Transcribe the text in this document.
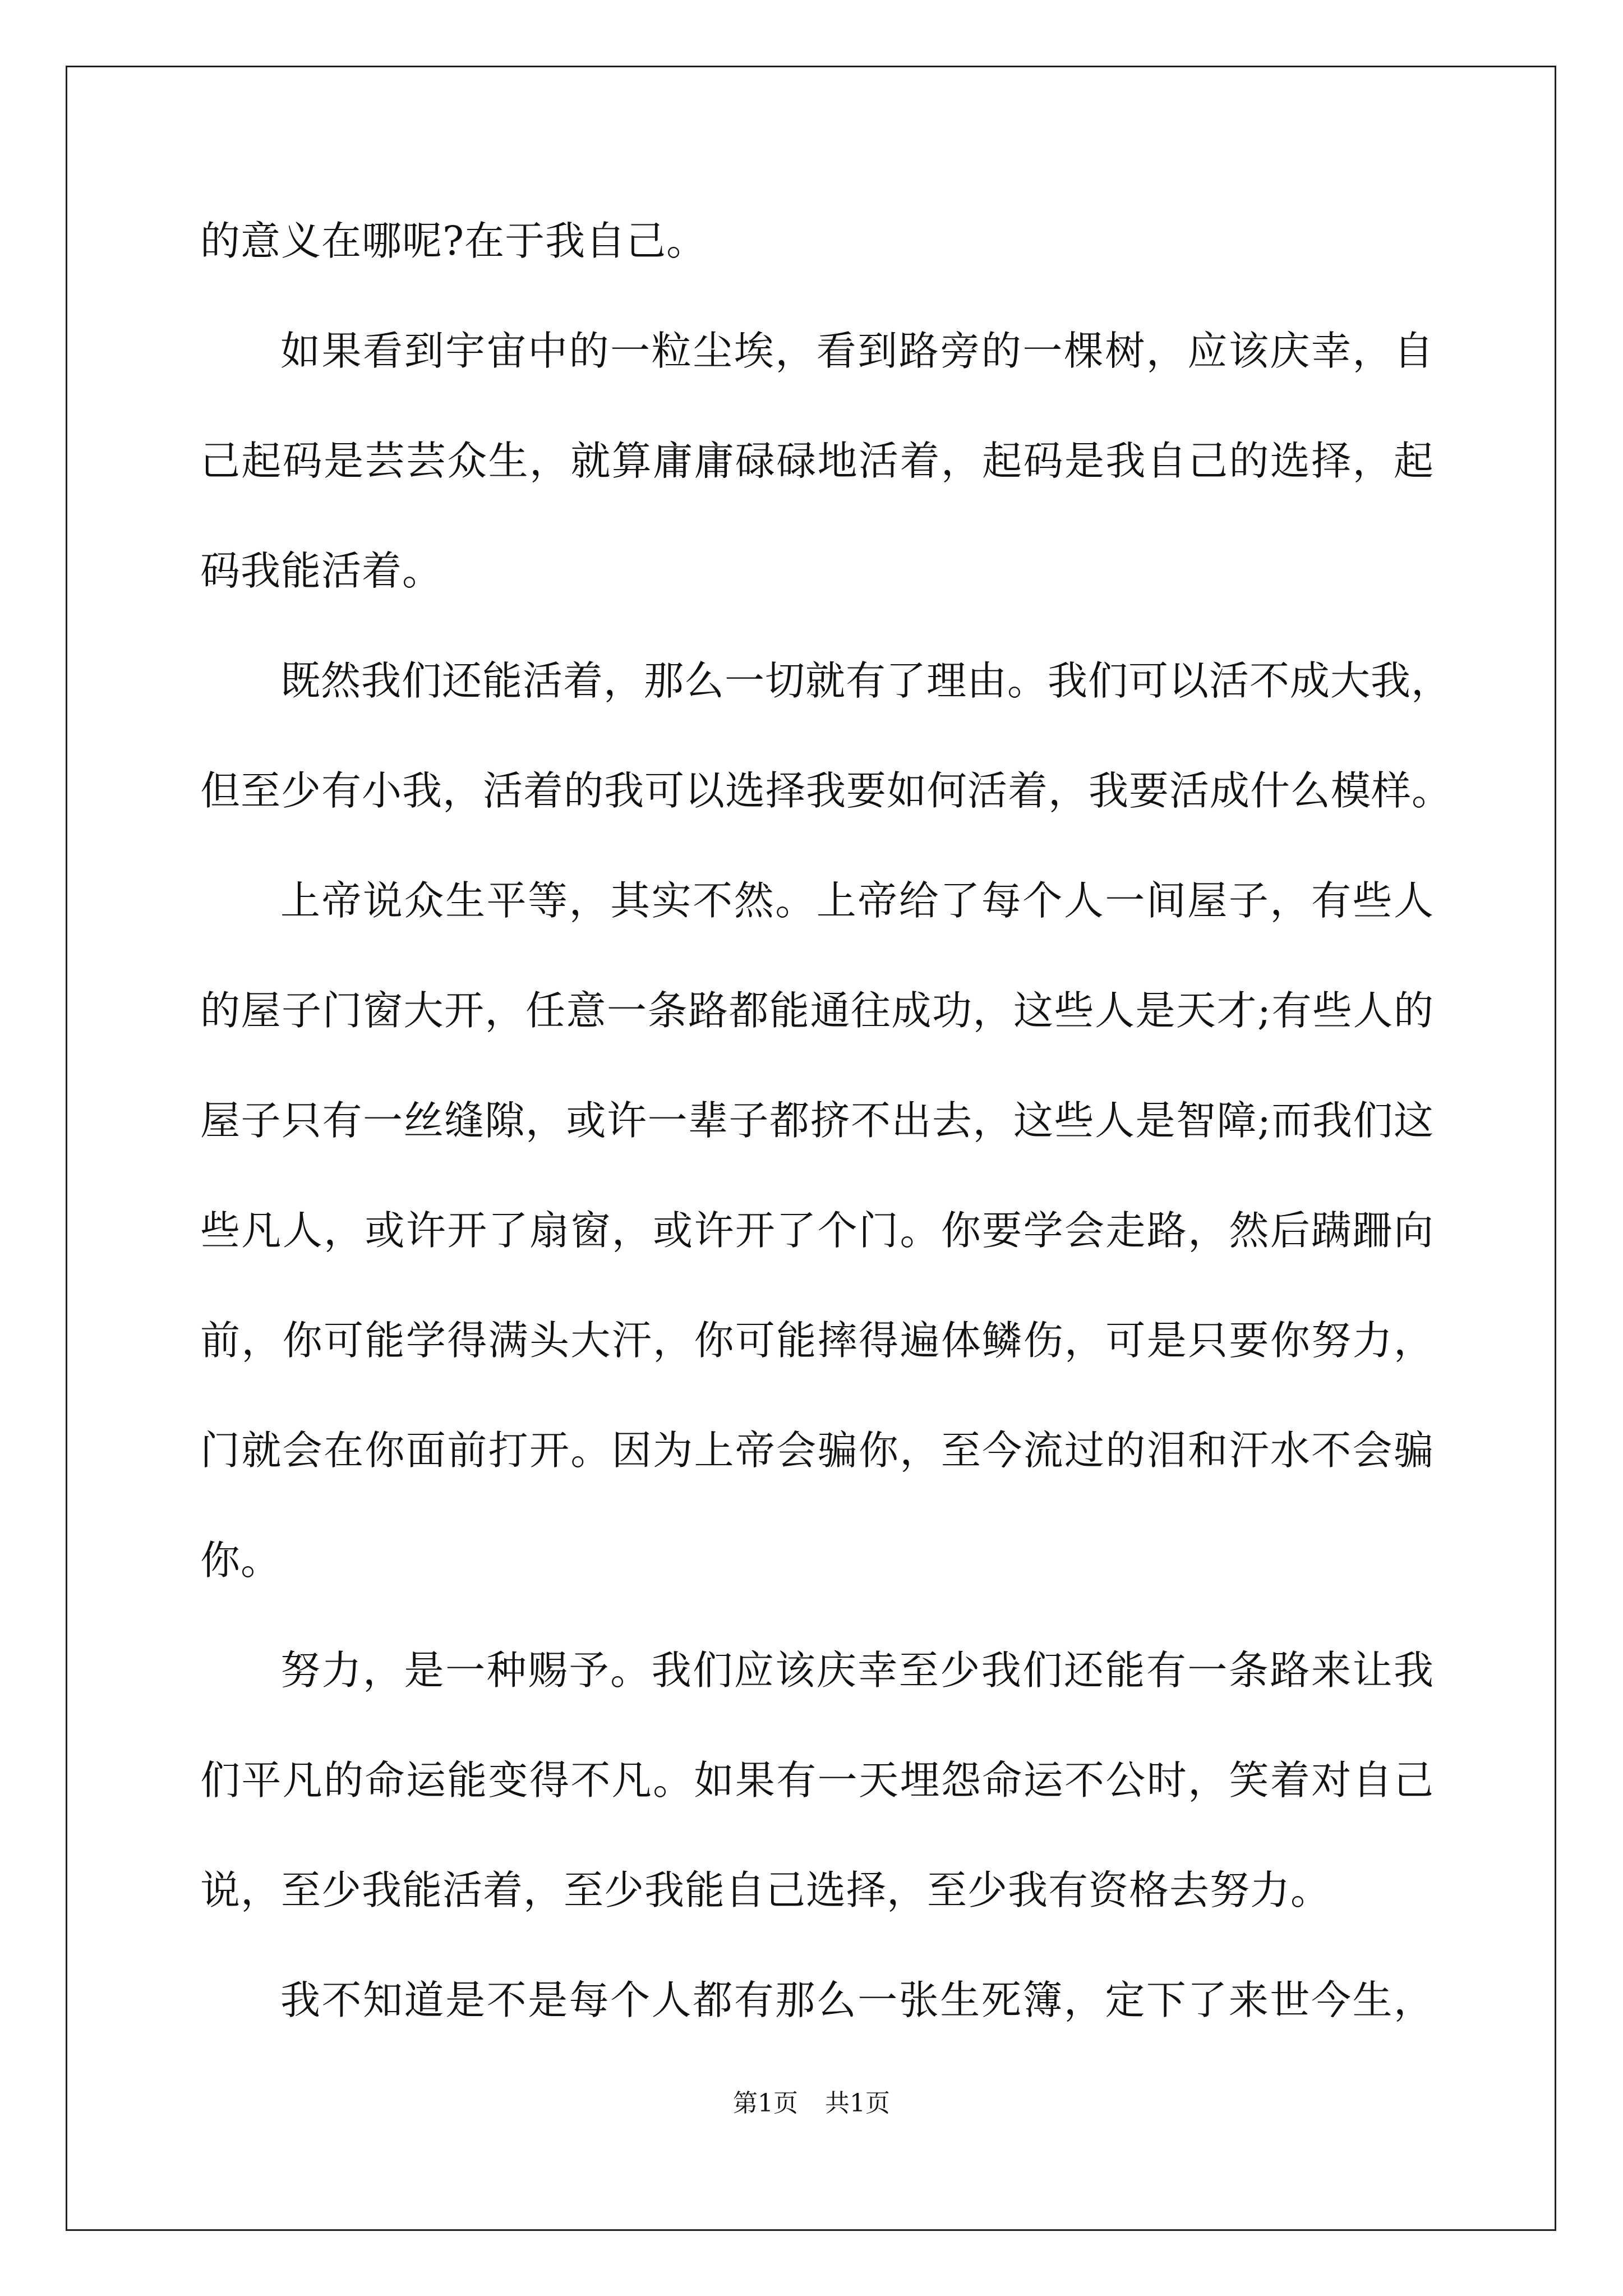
的意义在哪呢?在于我自己。
如果看到宇宙中的一粒尘埃，看到路旁的一棵树，应该庆幸，自
己起码是芸芸众生，就算庸庸碌碌地活着，起码是我自己的选择，起
码我能活着。
既然我们还能活着，那么一切就有了理由。我们可以活不成大我，
但至少有小我，活着的我可以选择我要如何活着，我要活成什么模样。
上帝说众生平等，其实不然。上帝给了每个人一间屋子，有些人
的屋子门窗大开，任意一条路都能通往成功，这些人是天才;有些人的
屋子只有一丝缝隙，或许一辈子都挤不出去，这些人是智障;而我们这
些凡人，或许开了扇窗，或许开了个门。你要学会走路，然后蹒跚向
前，你可能学得满头大汗，你可能摔得遍体鳞伤，可是只要你努力，
门就会在你面前打开。因为上帝会骗你，至今流过的泪和汗水不会骗
你。
努力，是一种赐予。我们应该庆幸至少我们还能有一条路来让我
们平凡的命运能变得不凡。如果有一天埋怨命运不公时，笑着对自己
说，至少我能活着，至少我能自己选择，至少我有资格去努力。
我不知道是不是每个人都有那么一张生死簿，定下了来世今生，
第1页 共1页
